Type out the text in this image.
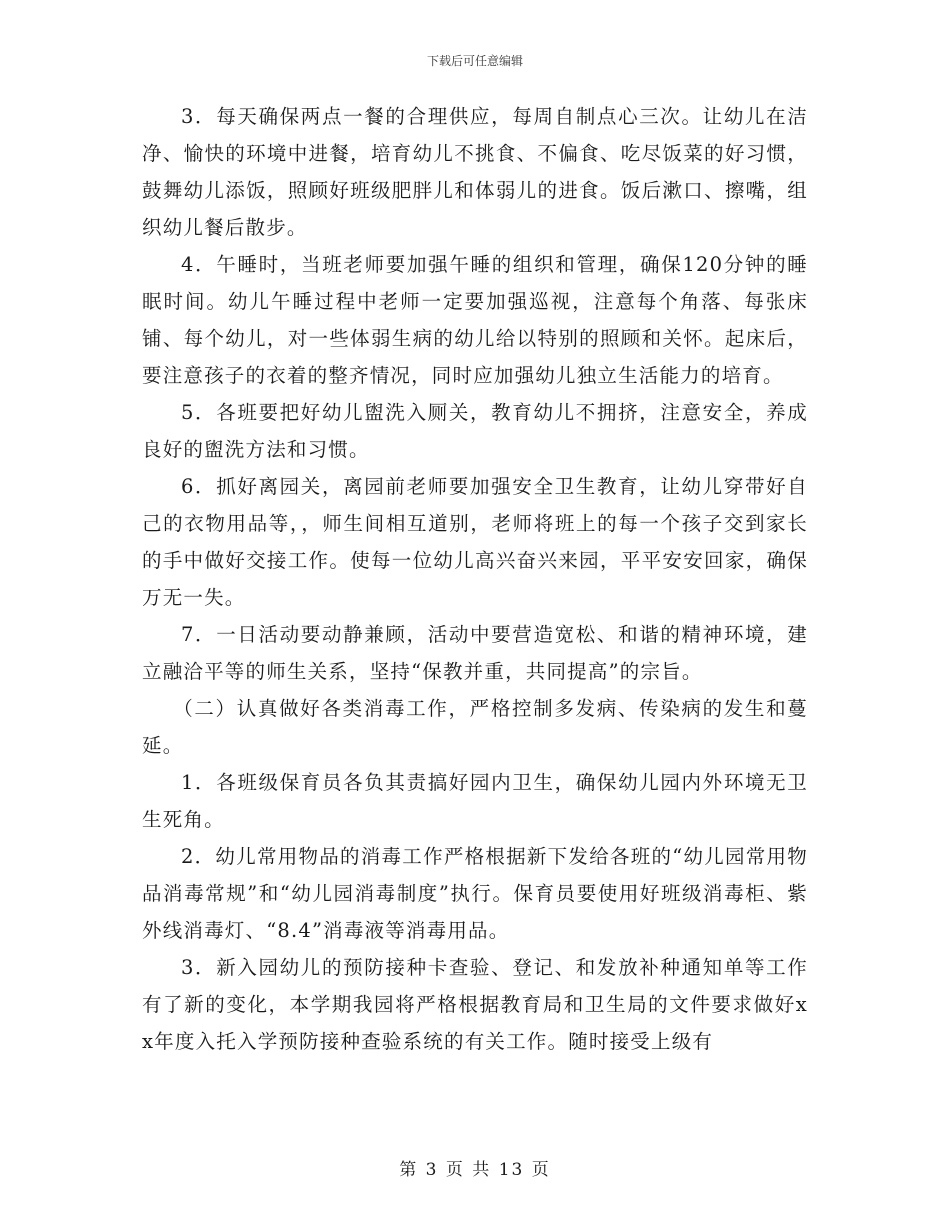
下载后可任意编辑

3．每天确保两点一餐的合理供应，每周自制点心三次。让幼儿在洁净、愉快的环境中进餐，培育幼儿不挑食、不偏食、吃尽饭菜的好习惯，鼓舞幼儿添饭，照顾好班级肥胖儿和体弱儿的进食。饭后漱口、擦嘴，组织幼儿餐后散步。

4．午睡时，当班老师要加强午睡的组织和管理，确保120分钟的睡眠时间。幼儿午睡过程中老师一定要加强巡视，注意每个角落、每张床铺、每个幼儿，对一些体弱生病的幼儿给以特别的照顾和关怀。起床后，要注意孩子的衣着的整齐情况，同时应加强幼儿独立生活能力的培育。

5．各班要把好幼儿盥洗入厕关，教育幼儿不拥挤，注意安全，养成良好的盥洗方法和习惯。

6．抓好离园关，离园前老师要加强安全卫生教育，让幼儿穿带好自己的衣物用品等，，师生间相互道别，老师将班上的每一个孩子交到家长的手中做好交接工作。使每一位幼儿高兴奋兴来园，平平安安回家，确保万无一失。

7．一日活动要动静兼顾，活动中要营造宽松、和谐的精神环境，建立融洽平等的师生关系，坚持“保教并重，共同提高”的宗旨。

（二）认真做好各类消毒工作，严格控制多发病、传染病的发生和蔓延。

1．各班级保育员各负其责搞好园内卫生，确保幼儿园内外环境无卫生死角。

2．幼儿常用物品的消毒工作严格根据新下发给各班的“幼儿园常用物品消毒常规”和“幼儿园消毒制度”执行。保育员要使用好班级消毒柜、紫外线消毒灯、“8.4”消毒液等消毒用品。

3．新入园幼儿的预防接种卡查验、登记、和发放补种通知单等工作有了新的变化，本学期我园将严格根据教育局和卫生局的文件要求做好xx年度入托入学预防接种查验系统的有关工作。随时接受上级有

第 3 页 共 13 页
